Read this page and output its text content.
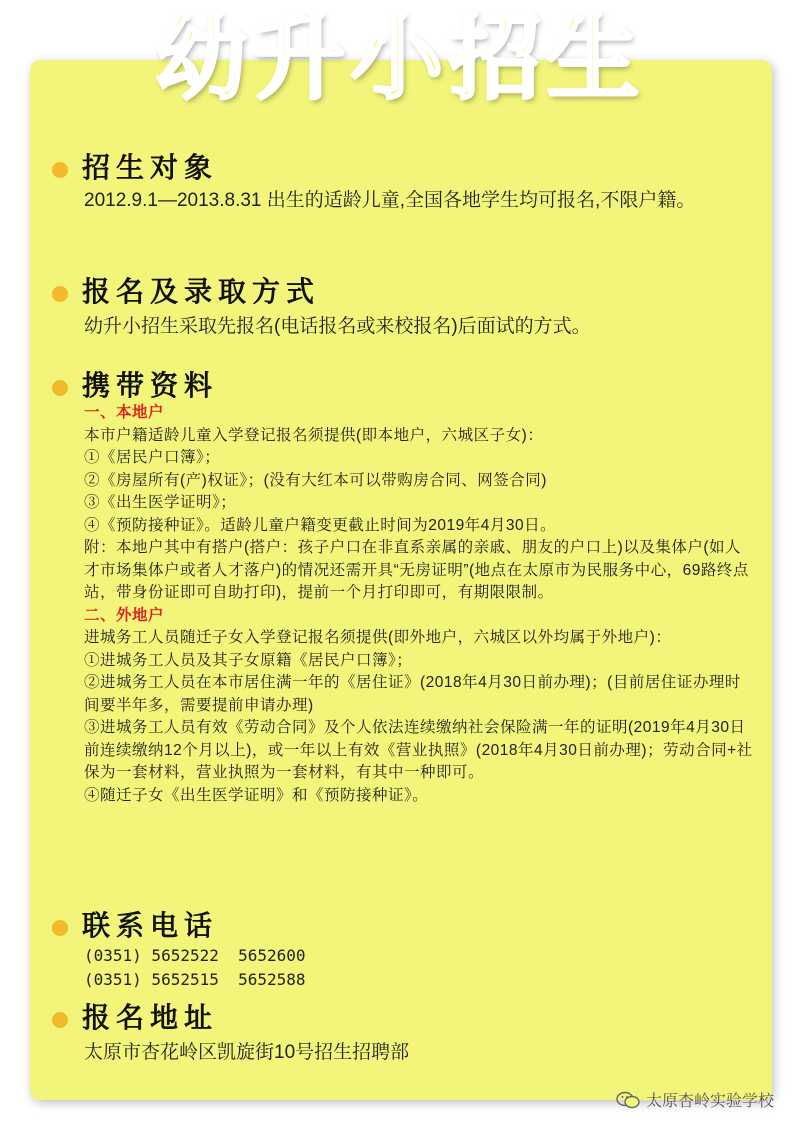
幼升小招生
招生对象
2012.9.1—2013.8.31 出生的适龄儿童,全国各地学生均可报名,不限户籍。
报名及录取方式
幼升小招生采取先报名(电话报名或来校报名)后面试的方式。
携带资料
一、本地户
本市户籍适龄儿童入学登记报名须提供(即本地户，六城区子女)：
①《居民户口簿》；
②《房屋所有(产)权证》；(没有大红本可以带购房合同、网签合同)
③《出生医学证明》；
④《预防接种证》。适龄儿童户籍变更截止时间为2019年4月30日。
附：本地户其中有搭户(搭户：孩子户口在非直系亲属的亲戚、朋友的户口上)以及集体户(如人才市场集体户或者人才落户)的情况还需开具“无房证明”(地点在太原市为民服务中心，69路终点站，带身份证即可自助打印)，提前一个月打印即可，有期限限制。
二、外地户
进城务工人员随迁子女入学登记报名须提供(即外地户，六城区以外均属于外地户)：
①进城务工人员及其子女原籍《居民户口簿》；
②进城务工人员在本市居住满一年的《居住证》(2018年4月30日前办理)；(目前居住证办理时间要半年多，需要提前申请办理)
③进城务工人员有效《劳动合同》及个人依法连续缴纳社会保险满一年的证明(2019年4月30日前连续缴纳12个月以上)，或一年以上有效《营业执照》(2018年4月30日前办理)；劳动合同+社保为一套材料，营业执照为一套材料，有其中一种即可。
④随迁子女《出生医学证明》和《预防接种证》。
联系电话
(0351) 5652522  5652600
(0351) 5652515  5652588
报名地址
太原市杏花岭区凯旋街10号招生招聘部
太原杏岭实验学校
